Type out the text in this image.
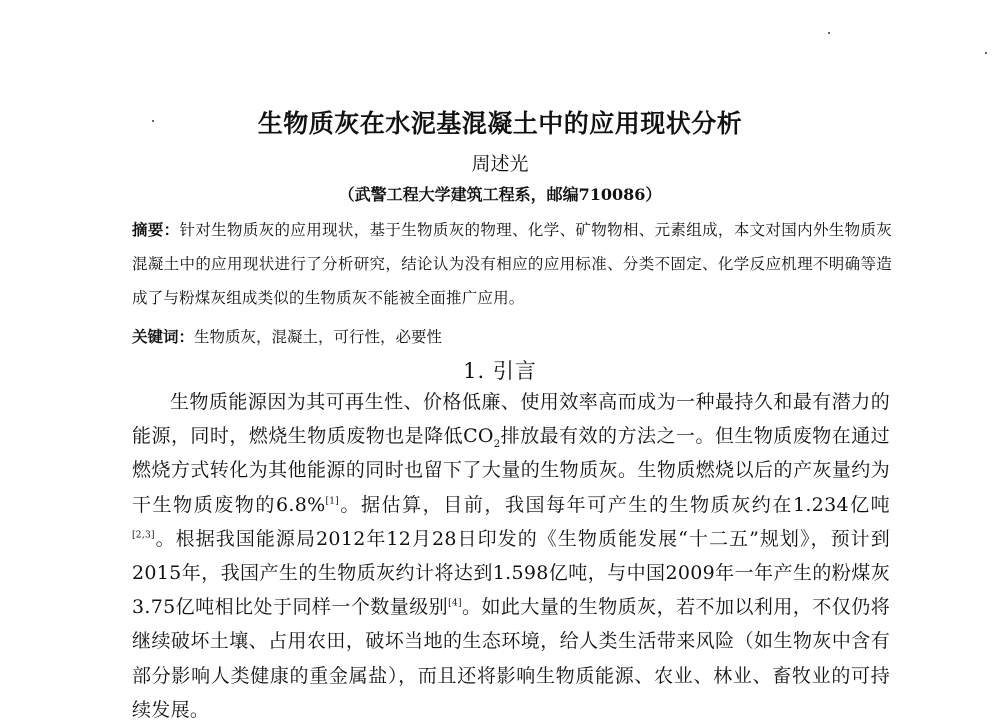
生物质灰在水泥基混凝土中的应用现状分析
周述光
（武警工程大学建筑工程系，邮编710086）
摘要：针对生物质灰的应用现状，基于生物质灰的物理、化学、矿物物相、元素组成，本文对国内外生物质灰混凝土中的应用现状进行了分析研究，结论认为没有相应的应用标准、分类不固定、化学反应机理不明确等造成了与粉煤灰组成类似的生物质灰不能被全面推广应用。
关键词：生物质灰，混凝土，可行性，必要性
1. 引言
生物质能源因为其可再生性、价格低廉、使用效率高而成为一种最持久和最有潜力的能源，同时，燃烧生物质废物也是降低$CO_2$排放最有效的方法之一。但生物质废物在通过燃烧方式转化为其他能源的同时也留下了大量的生物质灰。生物质燃烧以后的产灰量约为干生物质废物的6.8%[1]。据估算，目前，我国每年可产生的生物质灰约在1.234亿吨[2,3]。根据我国能源局2012年12月28日印发的《生物质能发展“十二五”规划》，预计到2015年，我国产生的生物质灰约计将达到1.598亿吨，与中国2009年一年产生的粉煤灰3.75亿吨相比处于同样一个数量级别[4]。如此大量的生物质灰，若不加以利用，不仅仍将继续破坏土壤、占用农田，破坏当地的生态环境，给人类生活带来风险（如生物灰中含有部分影响人类健康的重金属盐），而且还将影响生物质能源、农业、林业、畜牧业的可持续发展。
